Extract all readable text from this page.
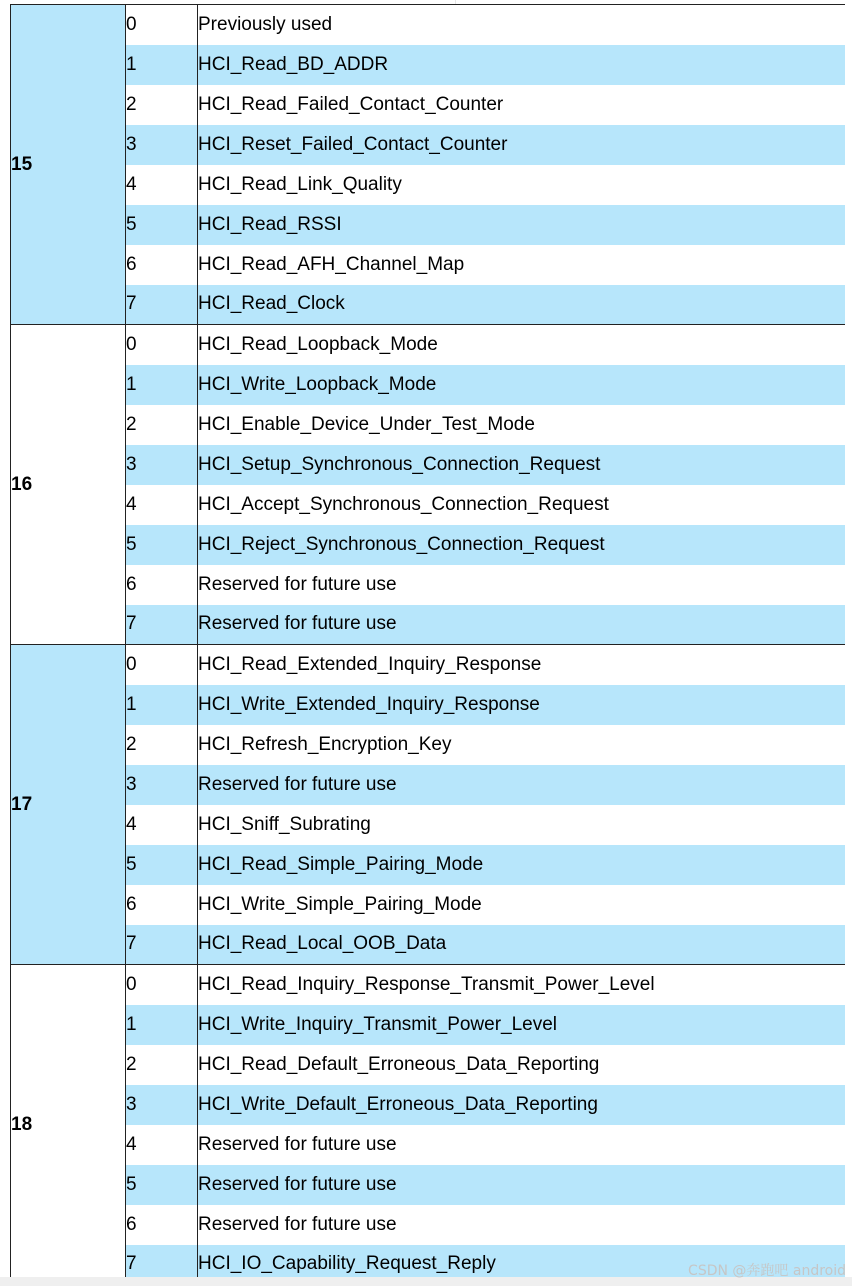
15	0	Previously used
	1	HCI_Read_BD_ADDR
	2	HCI_Read_Failed_Contact_Counter
	3	HCI_Reset_Failed_Contact_Counter
	4	HCI_Read_Link_Quality
	5	HCI_Read_RSSI
	6	HCI_Read_AFH_Channel_Map
	7	HCI_Read_Clock
16	0	HCI_Read_Loopback_Mode
	1	HCI_Write_Loopback_Mode
	2	HCI_Enable_Device_Under_Test_Mode
	3	HCI_Setup_Synchronous_Connection_Request
	4	HCI_Accept_Synchronous_Connection_Request
	5	HCI_Reject_Synchronous_Connection_Request
	6	Reserved for future use
	7	Reserved for future use
17	0	HCI_Read_Extended_Inquiry_Response
	1	HCI_Write_Extended_Inquiry_Response
	2	HCI_Refresh_Encryption_Key
	3	Reserved for future use
	4	HCI_Sniff_Subrating
	5	HCI_Read_Simple_Pairing_Mode
	6	HCI_Write_Simple_Pairing_Mode
	7	HCI_Read_Local_OOB_Data
18	0	HCI_Read_Inquiry_Response_Transmit_Power_Level
	1	HCI_Write_Inquiry_Transmit_Power_Level
	2	HCI_Read_Default_Erroneous_Data_Reporting
	3	HCI_Write_Default_Erroneous_Data_Reporting
	4	Reserved for future use
	5	Reserved for future use
	6	Reserved for future use
	7	HCI_IO_Capability_Request_Reply	CSDN @奔跑吧 android
